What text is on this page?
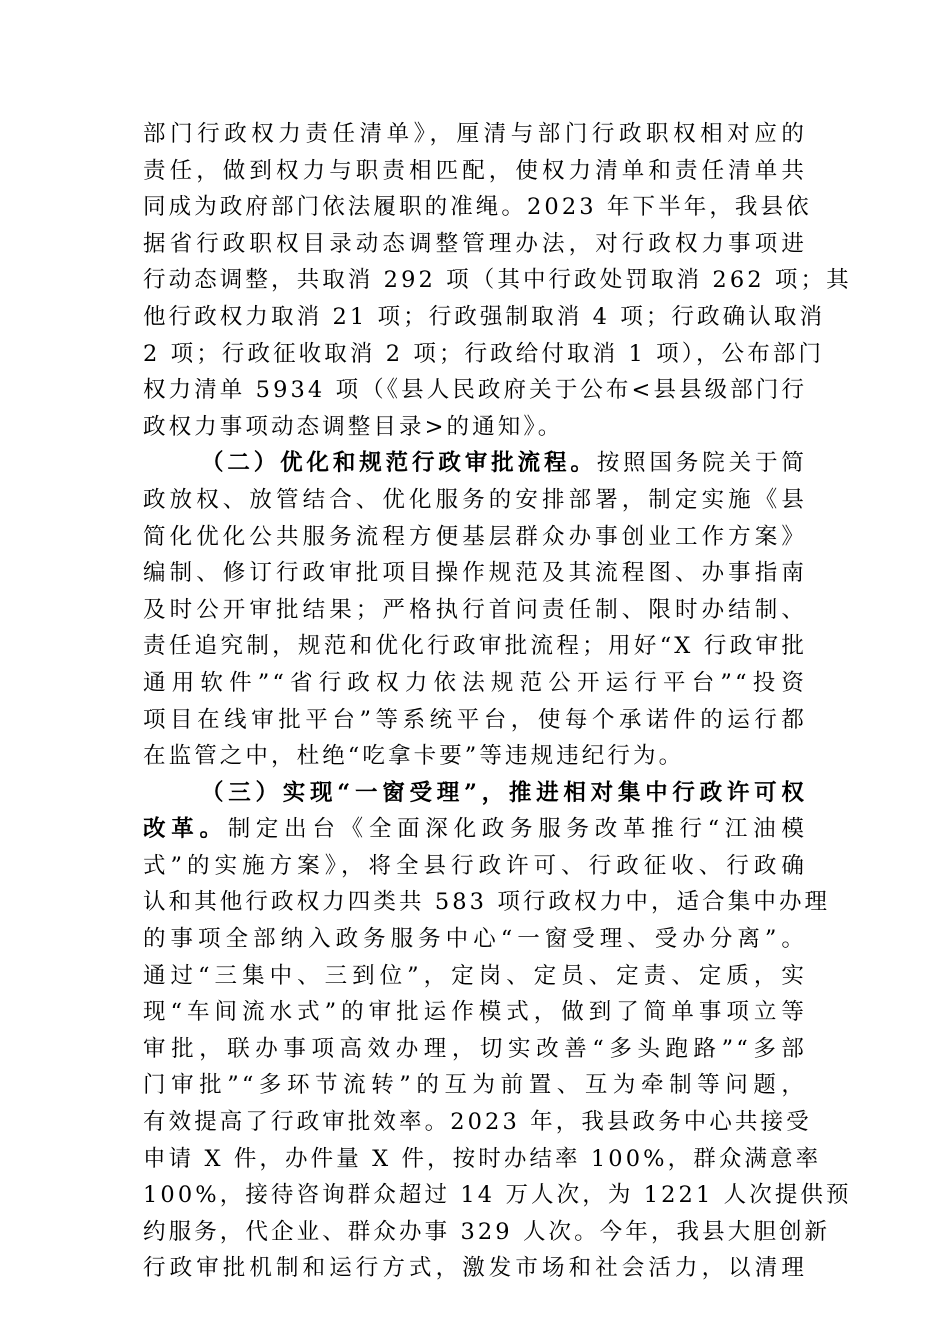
部门行政权力责任清单》，厘清与部门行政职权相对应的
责任，做到权力与职责相匹配，使权力清单和责任清单共
同成为政府部门依法履职的准绳。2023 年下半年，我县依
据省行政职权目录动态调整管理办法，对行政权力事项进
行动态调整，共取消 292 项（其中行政处罚取消 262 项；其
他行政权力取消 21 项；行政强制取消 4 项；行政确认取消
2 项；行政征收取消 2 项；行政给付取消 1 项），公布部门
权力清单 5934 项（《县人民政府关于公布<县县级部门行
政权力事项动态调整目录>的通知》。
（二）优化和规范行政审批流程。按照国务院关于简
政放权、放管结合、优化服务的安排部署，制定实施《县
简化优化公共服务流程方便基层群众办事创业工作方案》
编制、修订行政审批项目操作规范及其流程图、办事指南
及时公开审批结果；严格执行首问责任制、限时办结制、
责任追究制，规范和优化行政审批流程；用好“X 行政审批
通用软件”“省行政权力依法规范公开运行平台”“投资
项目在线审批平台”等系统平台，使每个承诺件的运行都
在监管之中，杜绝“吃拿卡要”等违规违纪行为。
（三）实现“一窗受理”，推进相对集中行政许可权
改革。制定出台《全面深化政务服务改革推行“江油模
式”的实施方案》，将全县行政许可、行政征收、行政确
认和其他行政权力四类共 583 项行政权力中，适合集中办理
的事项全部纳入政务服务中心“一窗受理、受办分离”。
通过“三集中、三到位”，定岗、定员、定责、定质，实
现“车间流水式”的审批运作模式，做到了简单事项立等
审批，联办事项高效办理，切实改善“多头跑路”“多部
门审批”“多环节流转”的互为前置、互为牵制等问题，
有效提高了行政审批效率。2023 年，我县政务中心共接受
申请 X 件，办件量 X 件，按时办结率 100%，群众满意率
100%，接待咨询群众超过 14 万人次，为 1221 人次提供预
约服务，代企业、群众办事 329 人次。今年，我县大胆创新
行政审批机制和运行方式，激发市场和社会活力，以清理
